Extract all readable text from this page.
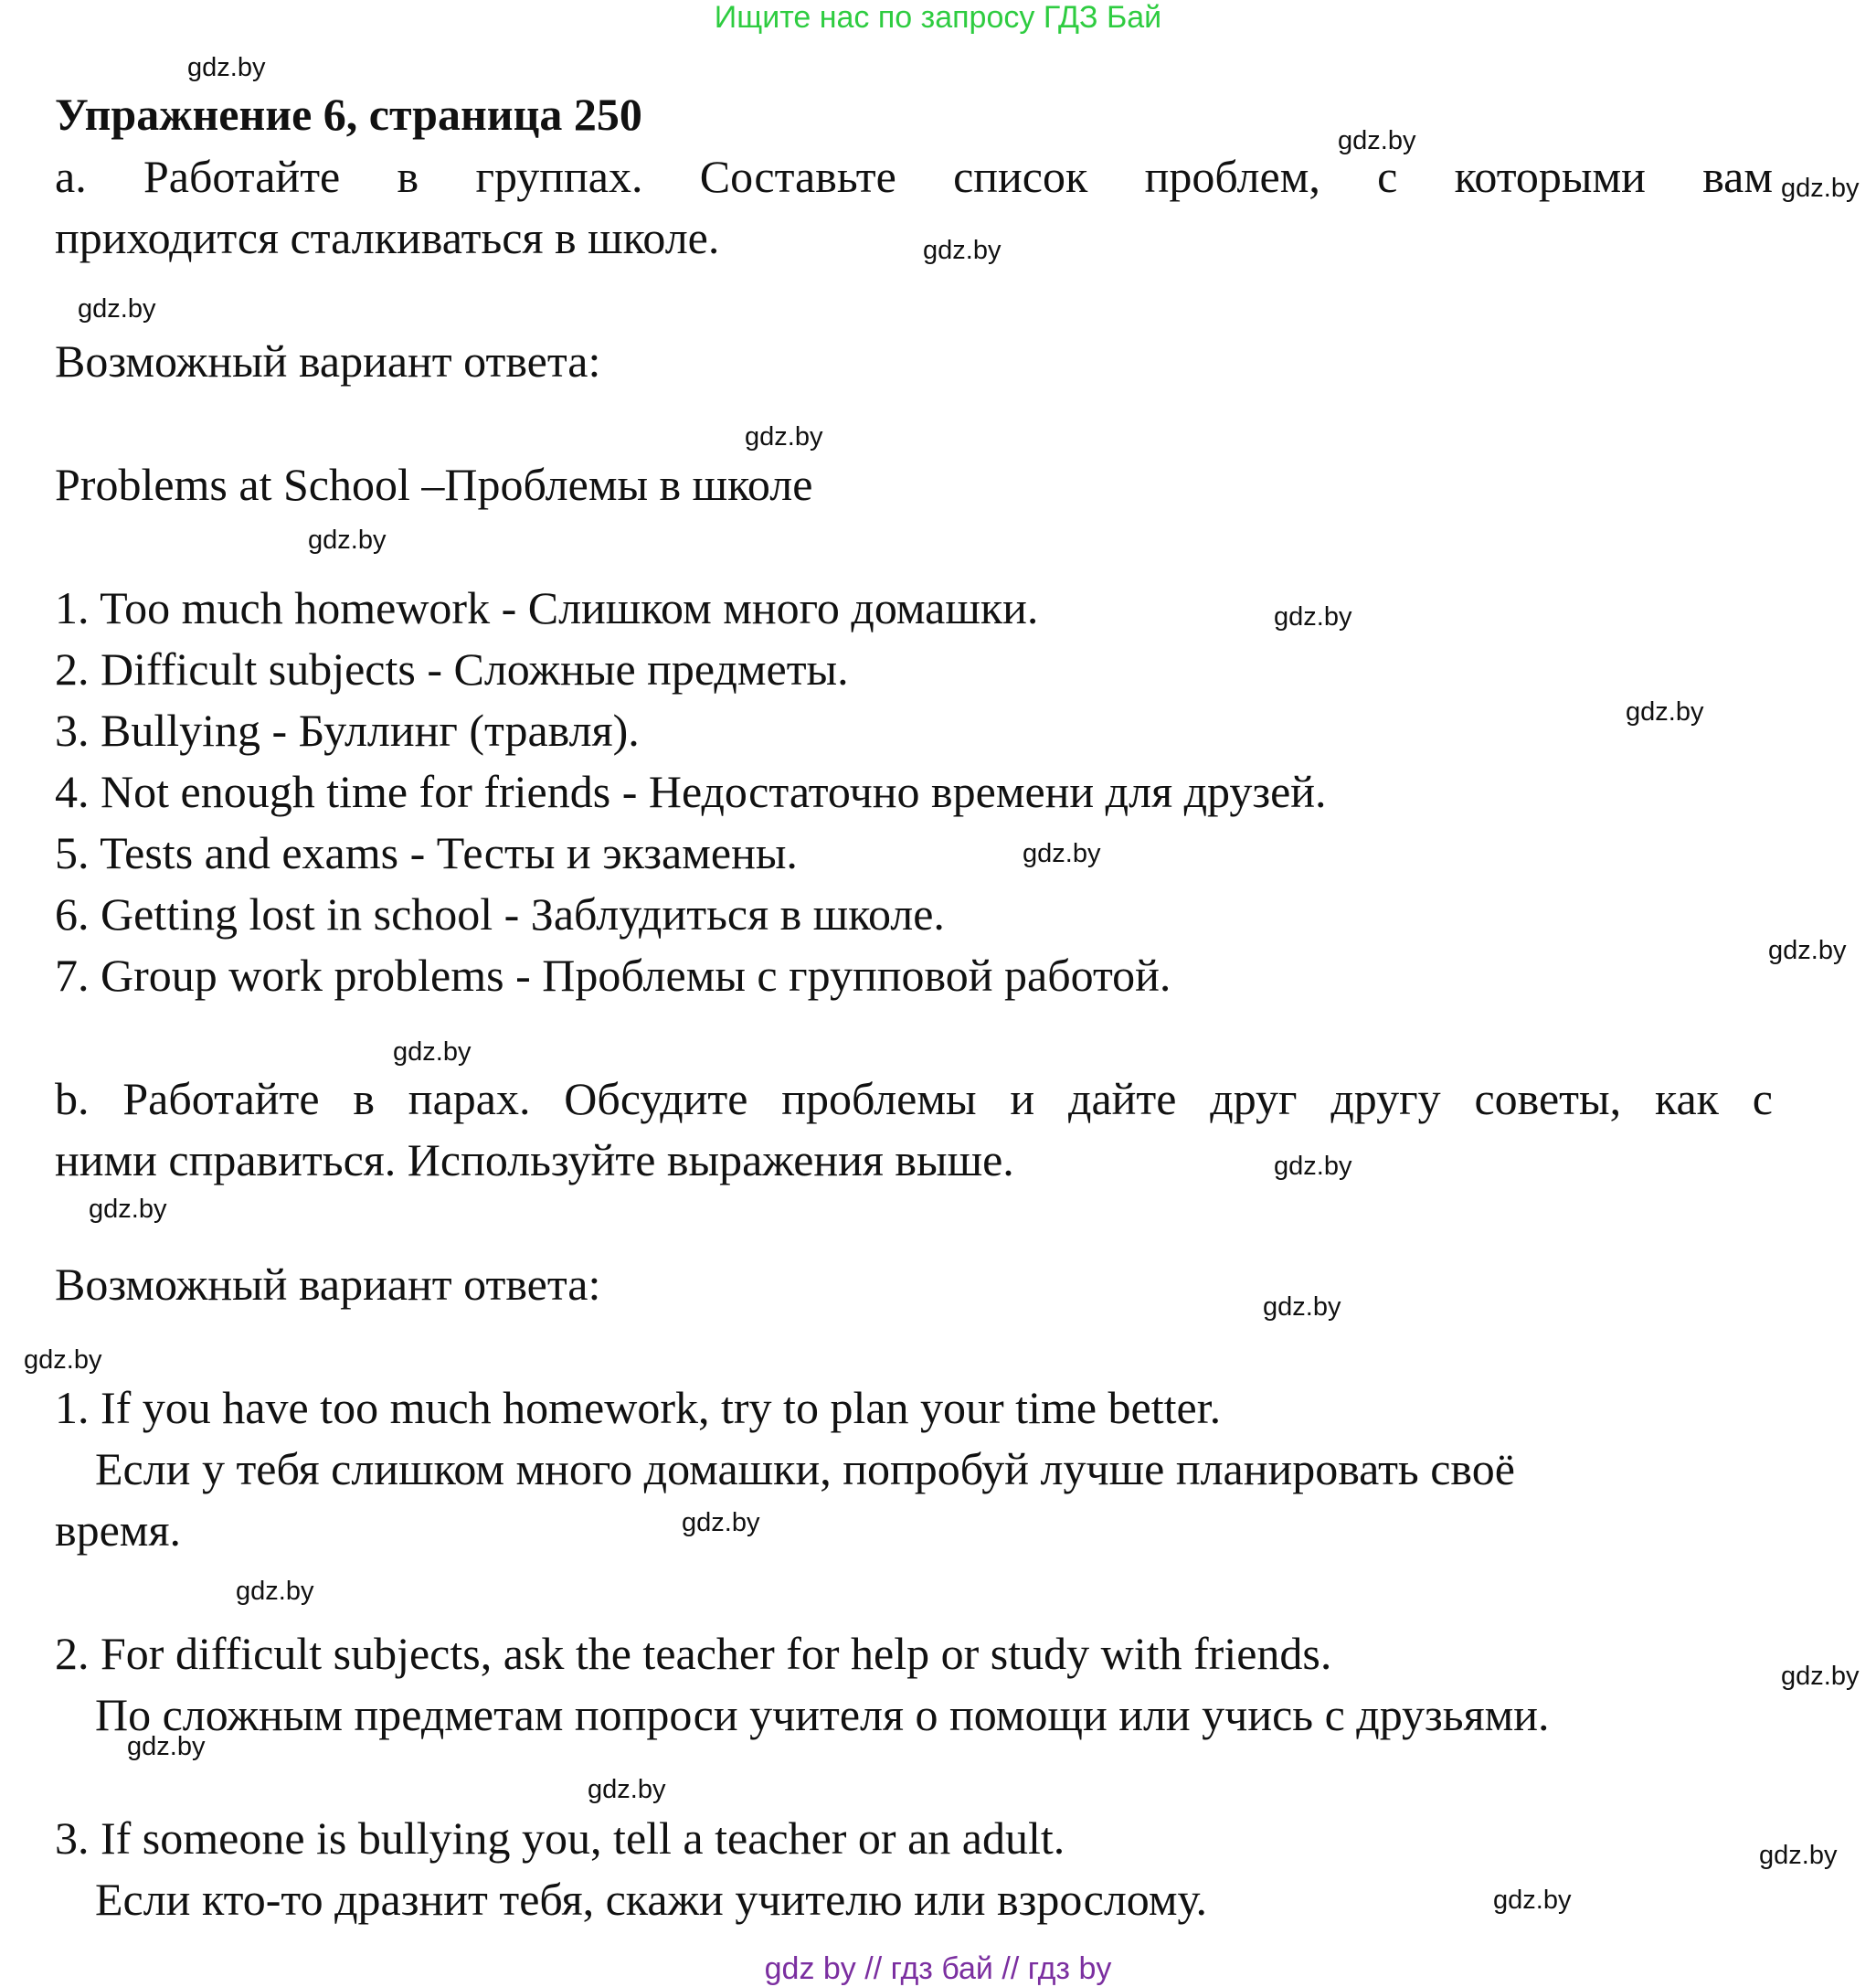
Ищите нас по запросу ГДЗ Бай

Упражнение 6, страница 250

a. Работайте в группах. Составьте список проблем, с которыми вам

приходится сталкиваться в школе.

Возможный вариант ответа:

Problems at School –Проблемы в школе

1. Too much homework - Слишком много домашки.

2. Difficult subjects - Сложные предметы.

3. Bullying - Буллинг (травля).

4. Not enough time for friends - Недостаточно времени для друзей.

5. Tests and exams - Тесты и экзамены.

6. Getting lost in school - Заблудиться в школе.

7. Group work problems - Проблемы с групповой работой.

b. Работайте в парах. Обсудите проблемы и дайте друг другу советы, как с

ними справиться. Используйте выражения выше.

Возможный вариант ответа:

1. If you have too much homework, try to plan your time better.

Если у тебя слишком много домашки, попробуй лучше планировать своё

время.

2. For difficult subjects, ask the teacher for help or study with friends.

По сложным предметам попроси учителя о помощи или учись с друзьями.

3. If someone is bullying you, tell a teacher or an adult.

Если кто-то дразнит тебя, скажи учителю или взрослому.

gdz.by
gdz.by
gdz.by
gdz.by
gdz.by
gdz.by
gdz.by
gdz.by
gdz.by
gdz.by
gdz.by
gdz.by
gdz.by
gdz.by
gdz.by
gdz.by
gdz.by
gdz.by
gdz.by
gdz.by
gdz.by
gdz.by
gdz.by
gdz by // гдз бай // гдз by
